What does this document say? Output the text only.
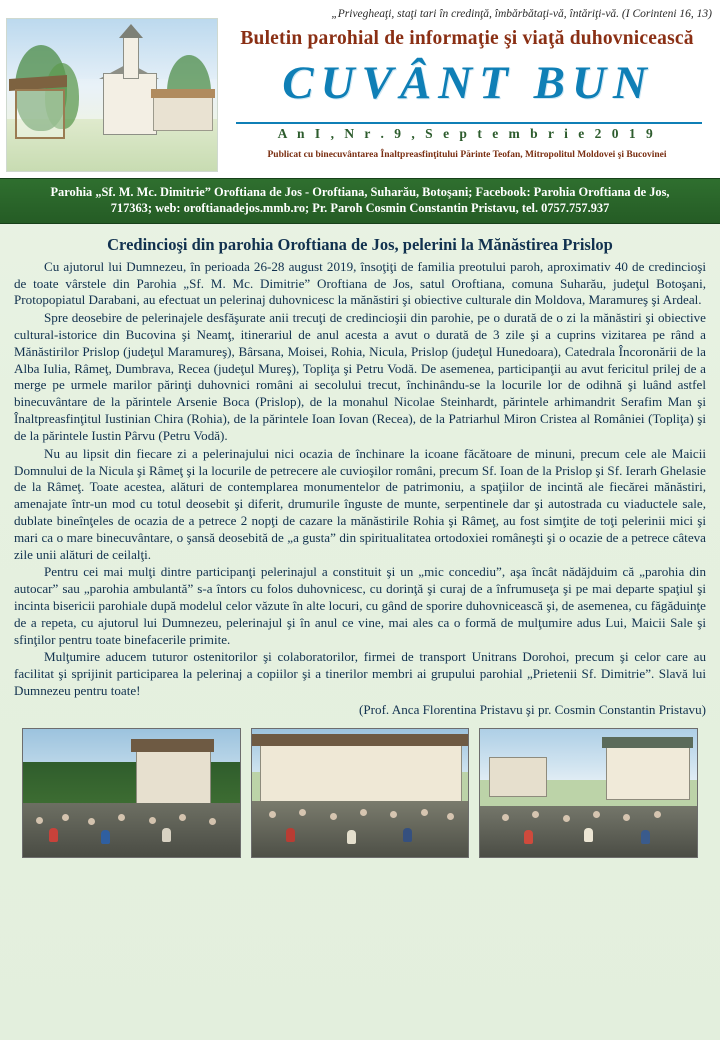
„Privegheaţi, staţi tari în credinţă, îmbărbătaţi-vă, întăriţi-vă. (I Corinteni 16, 13)
Buletin parohial de informaţie şi viaţă duhovnicească
CUVÂNT BUN
A n I , N r . 9 , S e p t e m b r i e 2 0 1 9
Publicat cu binecuvântarea Înaltpreasfinţitului Părinte Teofan, Mitropolitul Moldovei şi Bucovinei
Parohia „Sf. M. Mc. Dimitrie” Oroftiana de Jos - Oroftiana, Suharău, Botoşani; Facebook: Parohia Oroftiana de Jos,
717363; web: oroftianadejos.mmb.ro; Pr. Paroh Cosmin Constantin Pristavu, tel. 0757.757.937
Credincioşi din parohia Oroftiana de Jos, pelerini la Mănăstirea Prislop

Cu ajutorul lui Dumnezeu, în perioada 26-28 august 2019, însoţiţi de familia preotului paroh, aproximativ 40 de credincioşi de toate vârstele din Parohia „Sf. M. Mc. Dimitrie” Oroftiana de Jos, satul Oroftiana, comuna Suharău, judeţul Botoşani, Protopopiatul Darabani, au efectuat un pelerinaj duhovnicesc la mănăstiri şi obiective culturale din Moldova, Maramureş şi Ardeal.

Spre deosebire de pelerinajele desfăşurate anii trecuţi de credincioşii din parohie, pe o durată de o zi la mănăstiri şi obiective cultural-istorice din Bucovina şi Neamţ, itinerariul de anul acesta a avut o durată de 3 zile şi a cuprins vizitarea pe rând a Mănăstirilor Prislop (judeţul Maramureş), Bârsana, Moisei, Rohia, Nicula, Prislop (judeţul Hunedoara), Catedrala Încoronării de la Alba Iulia, Râmeţ, Dumbrava, Recea (judeţul Mureş), Topliţa şi Petru Vodă. De asemenea, participanţii au avut fericitul prilej de a merge pe urmele marilor părinţi duhovnici români ai secolului trecut, închinându-se la locurile lor de odihnă şi luând astfel binecuvântare de la părintele Arsenie Boca (Prislop), de la monahul Nicolae Steinhardt, părintele arhimandrit Serafim Man şi Înaltpreasfinţitul Iustinian Chira (Rohia), de la părintele Ioan Iovan (Recea), de la Patriarhul Miron Cristea al României (Topliţa) şi de la părintele Iustin Pârvu (Petru Vodă).

Nu au lipsit din fiecare zi a pelerinajului nici ocazia de închinare la icoane făcătoare de minuni, precum cele ale Maicii Domnului de la Nicula şi Râmeţ şi la locurile de petrecere ale cuvioşilor români, precum Sf. Ioan de la Prislop şi Sf. Ierarh Ghelasie de la Râmeţ. Toate acestea, alături de contemplarea monumentelor de patrimoniu, a spaţiilor de incintă ale fiecărei mănăstiri, amenajate într-un mod cu totul deosebit şi diferit, drumurile înguste de munte, serpentinele dar şi autostrada cu viaductele sale, dublate bineînţeles de ocazia de a petrece 2 nopţi de cazare la mănăstirile Rohia şi Râmeţ, au fost simţite de toţi pelerinii mici şi mari ca o mare binecuvântare, o şansă deosebită de „a gusta” din spiritualitatea ortodoxiei româneşti şi o ocazie de a petrece câteva zile unii alături de ceilalţi.

Pentru cei mai mulţi dintre participanţi pelerinajul a constituit şi un „mic concediu”, aşa încât nădăjduim că „parohia din autocar” sau „parohia ambulantă” s-a întors cu folos duhovnicesc, cu dorinţă şi curaj de a înfrumuseţa şi pe mai departe spaţiul şi incinta bisericii parohiale după modelul celor văzute în alte locuri, cu gând de sporire duhovnicească şi, de asemenea, cu făgăduinţe de a repeta, cu ajutorul lui Dumnezeu, pelerinajul şi în anul ce vine, mai ales ca o formă de mulţumire adus Lui, Maicii Sale şi sfinţilor pentru toate binefacerile primite.

Mulţumire aducem tuturor ostenitorilor şi colaboratorilor, firmei de transport Unitrans Dorohoi, precum şi celor care au facilitat şi sprijinit participarea la pelerinaj a copiilor şi a tinerilor membri ai grupului parohial „Prietenii Sf. Dimitrie”. Slavă lui Dumnezeu pentru toate!

(Prof. Anca Florentina Pristavu şi pr. Cosmin Constantin Pristavu)
